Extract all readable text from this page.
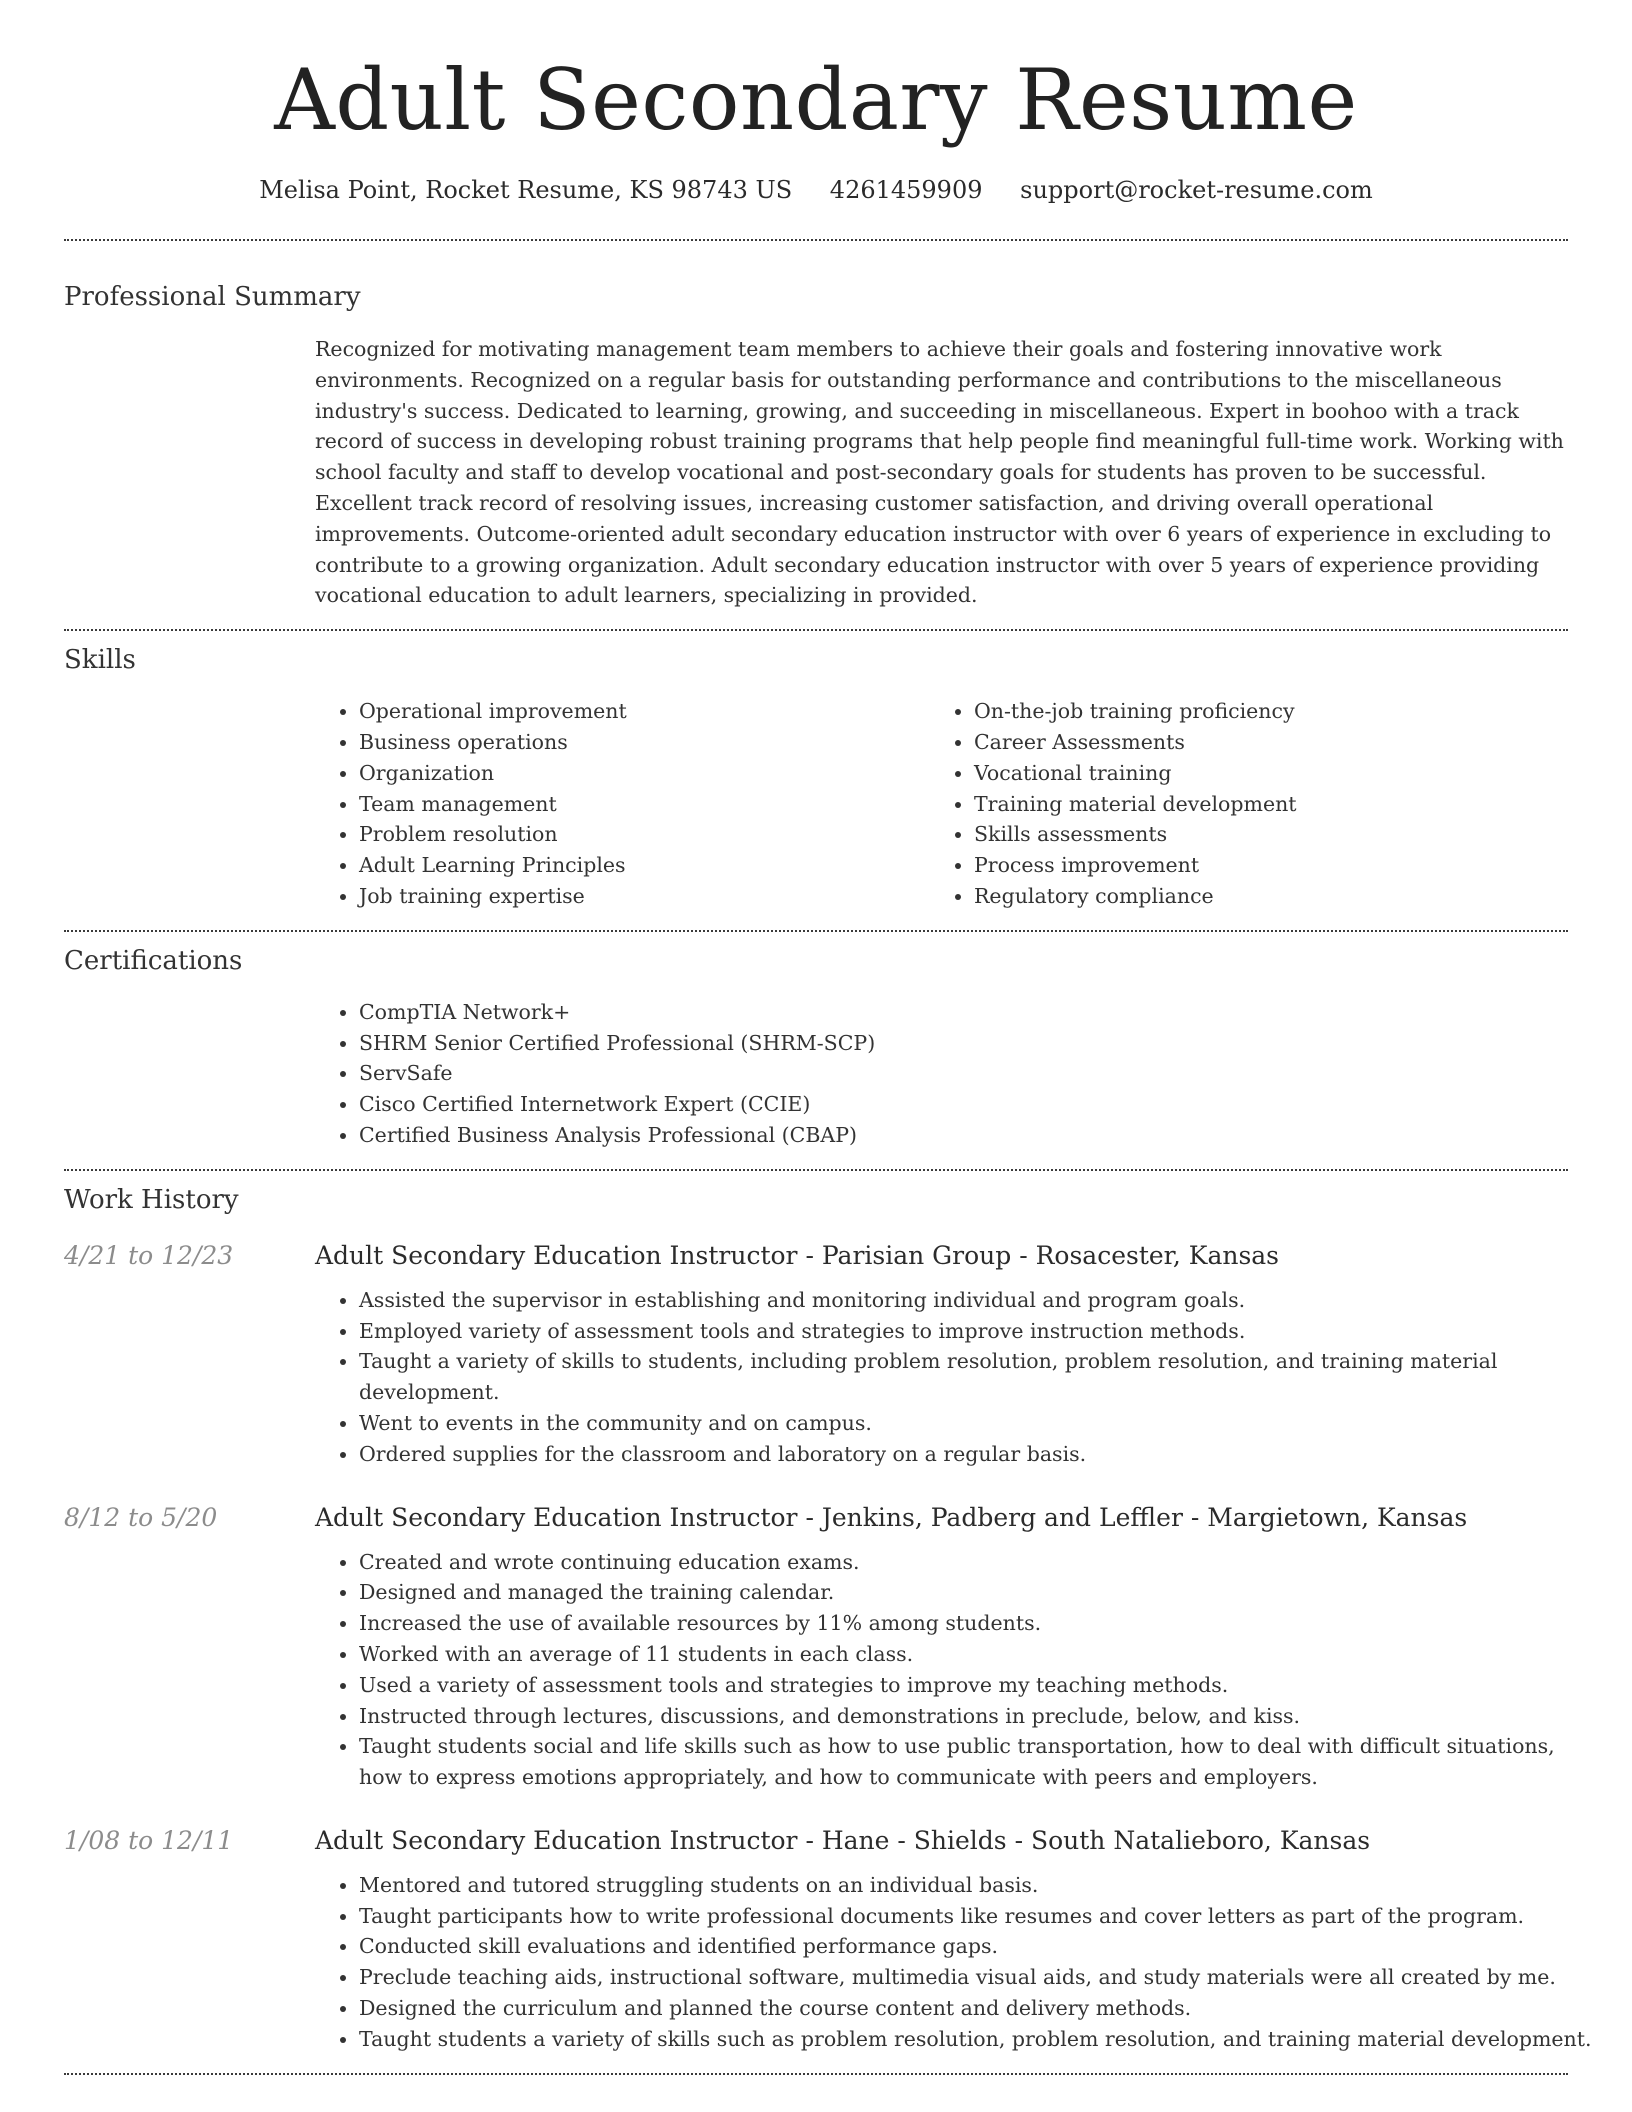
Adult Secondary Resume
Melisa Point, Rocket Resume, KS 98743 US 4261459909 support@rocket-resume.com
Professional Summary

Recognized for motivating management team members to achieve their goals and fostering innovative work environments. Recognized on a regular basis for outstanding performance and contributions to the miscellaneous industry's success. Dedicated to learning, growing, and succeeding in miscellaneous. Expert in boohoo with a track record of success in developing robust training programs that help people find meaningful full-time work. Working with school faculty and staff to develop vocational and post-secondary goals for students has proven to be successful. Excellent track record of resolving issues, increasing customer satisfaction, and driving overall operational improvements. Outcome-oriented adult secondary education instructor with over 6 years of experience in excluding to contribute to a growing organization. Adult secondary education instructor with over 5 years of experience providing vocational education to adult learners, specializing in provided.

Skills
• Operational improvement
• Business operations
• Organization
• Team management
• Problem resolution
• Adult Learning Principles
• Job training expertise
• On-the-job training proficiency
• Career Assessments
• Vocational training
• Training material development
• Skills assessments
• Process improvement
• Regulatory compliance
Certifications
• CompTIA Network+
• SHRM Senior Certified Professional (SHRM-SCP)
• ServSafe
• Cisco Certified Internetwork Expert (CCIE)
• Certified Business Analysis Professional (CBAP)
Work History
4/21 to 12/23	Adult Secondary Education Instructor - Parisian Group - Rosacester, Kansas
• Assisted the supervisor in establishing and monitoring individual and program goals.
• Employed variety of assessment tools and strategies to improve instruction methods.
• Taught a variety of skills to students, including problem resolution, problem resolution, and training material development.
• Went to events in the community and on campus.
• Ordered supplies for the classroom and laboratory on a regular basis.
8/12 to 5/20	Adult Secondary Education Instructor - Jenkins, Padberg and Leffler - Margietown, Kansas
• Created and wrote continuing education exams.
• Designed and managed the training calendar.
• Increased the use of available resources by 11% among students.
• Worked with an average of 11 students in each class.
• Used a variety of assessment tools and strategies to improve my teaching methods.
• Instructed through lectures, discussions, and demonstrations in preclude, below, and kiss.
• Taught students social and life skills such as how to use public transportation, how to deal with difficult situations, how to express emotions appropriately, and how to communicate with peers and employers.
1/08 to 12/11	Adult Secondary Education Instructor - Hane - Shields - South Natalieboro, Kansas
• Mentored and tutored struggling students on an individual basis.
• Taught participants how to write professional documents like resumes and cover letters as part of the program.
• Conducted skill evaluations and identified performance gaps.
• Preclude teaching aids, instructional software, multimedia visual aids, and study materials were all created by me.
• Designed the curriculum and planned the course content and delivery methods.
• Taught students a variety of skills such as problem resolution, problem resolution, and training material development.
